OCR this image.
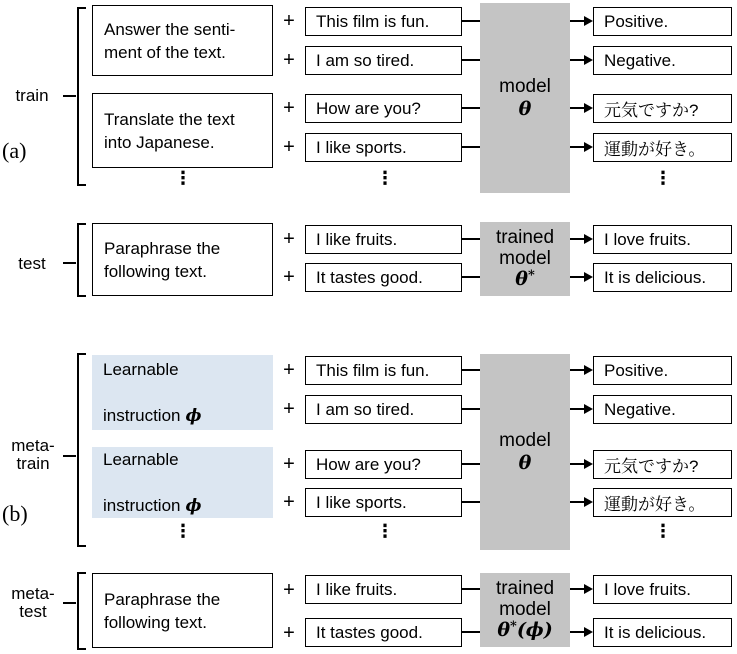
train
(a)
Answer the senti-
ment of the text.
Translate the text
into Japanese.
+
+
+
+
This film is fun.
I am so tired.
How are you?
I like sports.
model
θ
Positive.
Negative.
元気ですか?
運動が好き。
⋮	⋮	⋮
test
Paraphrase the
following text.
+
+
I like fruits.
It tastes good.
trained
model
θ*
I love fruits.
It is delicious.
meta-
train
(b)

Learnable

instruction ϕ

Learnable

instruction ϕ

+
+
+
+
This film is fun.
I am so tired.
How are you?
I like sports.
model
θ
Positive.
Negative.
元気ですか?
運動が好き。
⋮	⋮	⋮
meta-
test
Paraphrase the
following text.
+
+
I like fruits.
It tastes good.
trained
model
θ*(ϕ)
I love fruits.
It is delicious.
